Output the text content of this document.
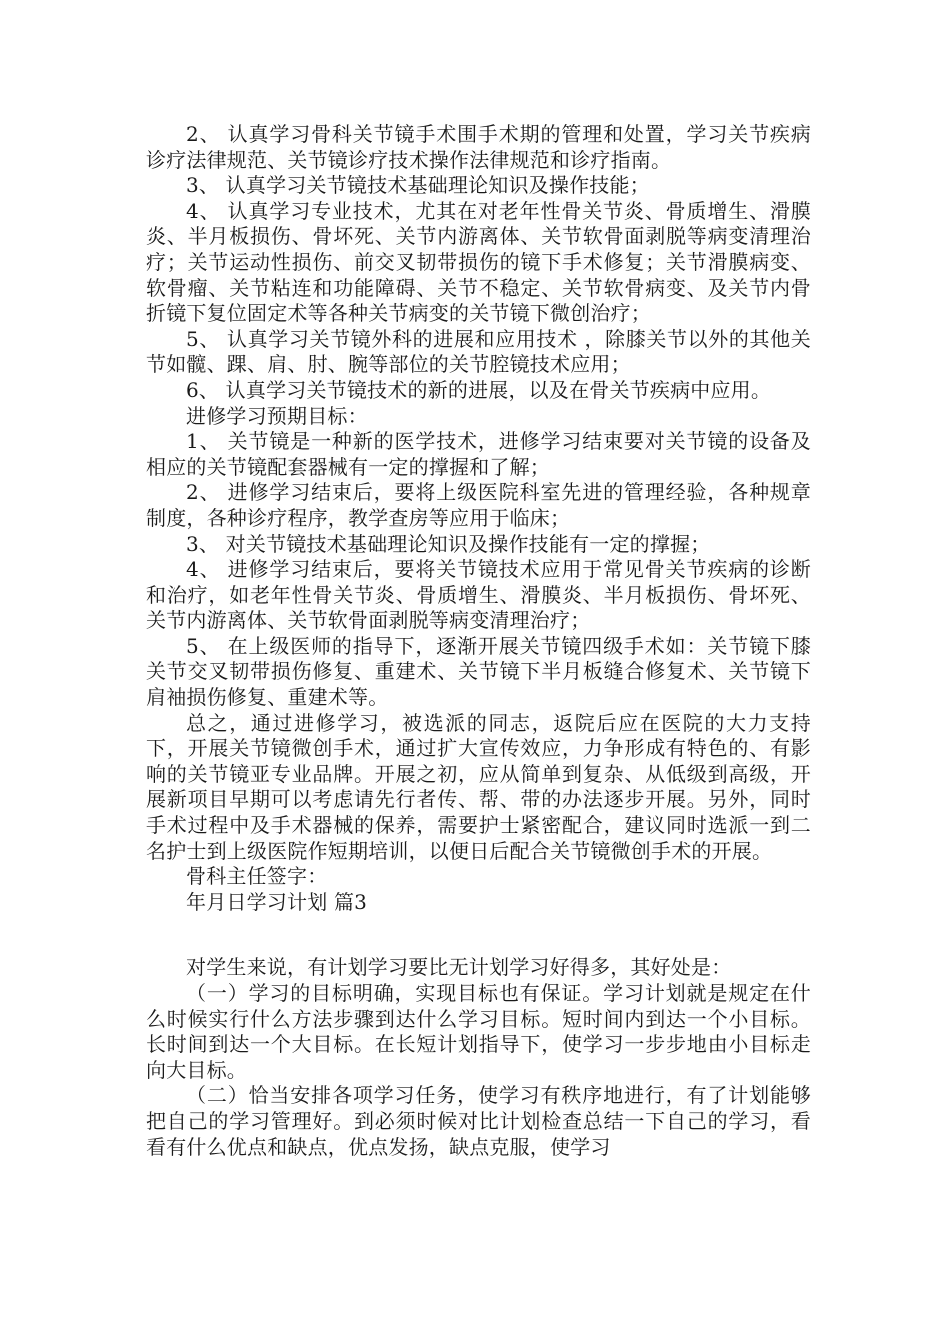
2、 认真学习骨科关节镜手术围手术期的管理和处置，学习关节疾病诊疗法律规范、关节镜诊疗技术操作法律规范和诊疗指南。

3、 认真学习关节镜技术基础理论知识及操作技能；

4、 认真学习专业技术，尤其在对老年性骨关节炎、骨质增生、滑膜炎、半月板损伤、骨坏死、关节内游离体、关节软骨面剥脱等病变清理治疗；关节运动性损伤、前交叉韧带损伤的镜下手术修复；关节滑膜病变、软骨瘤、关节粘连和功能障碍、关节不稳定、关节软骨病变、及关节内骨折镜下复位固定术等各种关节病变的关节镜下微创治疗；

5、 认真学习关节镜外科的进展和应用技术 ，除膝关节以外的其他关节如髋、踝、肩、肘、腕等部位的关节腔镜技术应用；

6、 认真学习关节镜技术的新的进展，以及在骨关节疾病中应用。

进修学习预期目标：

1、 关节镜是一种新的医学技术，进修学习结束要对关节镜的设备及相应的关节镜配套器械有一定的撑握和了解；

2、 进修学习结束后，要将上级医院科室先进的管理经验，各种规章制度，各种诊疗程序，教学查房等应用于临床；

3、 对关节镜技术基础理论知识及操作技能有一定的撑握；

4、 进修学习结束后，要将关节镜技术应用于常见骨关节疾病的诊断和治疗，如老年性骨关节炎、骨质增生、滑膜炎、半月板损伤、骨坏死、关节内游离体、关节软骨面剥脱等病变清理治疗；

5、 在上级医师的指导下，逐渐开展关节镜四级手术如：关节镜下膝关节交叉韧带损伤修复、重建术、关节镜下半月板缝合修复术、关节镜下肩袖损伤修复、重建术等。

总之，通过进修学习，被选派的同志，返院后应在医院的大力支持下，开展关节镜微创手术，通过扩大宣传效应，力争形成有特色的、有影响的关节镜亚专业品牌。开展之初，应从简单到复杂、从低级到高级，开展新项目早期可以考虑请先行者传、帮、带的办法逐步开展。另外，同时手术过程中及手术器械的保养，需要护士紧密配合，建议同时选派一到二名护士到上级医院作短期培训，以便日后配合关节镜微创手术的开展。

骨科主任签字：

年月日学习计划 篇3

对学生来说，有计划学习要比无计划学习好得多，其好处是：

（一）学习的目标明确，实现目标也有保证。学习计划就是规定在什么时候实行什么方法步骤到达什么学习目标。短时间内到达一个小目标。长时间到达一个大目标。在长短计划指导下，使学习一步步地由小目标走向大目标。

（二）恰当安排各项学习任务，使学习有秩序地进行，有了计划能够把自己的学习管理好。到必须时候对比计划检查总结一下自己的学习，看看有什么优点和缺点，优点发扬，缺点克服，使学习
